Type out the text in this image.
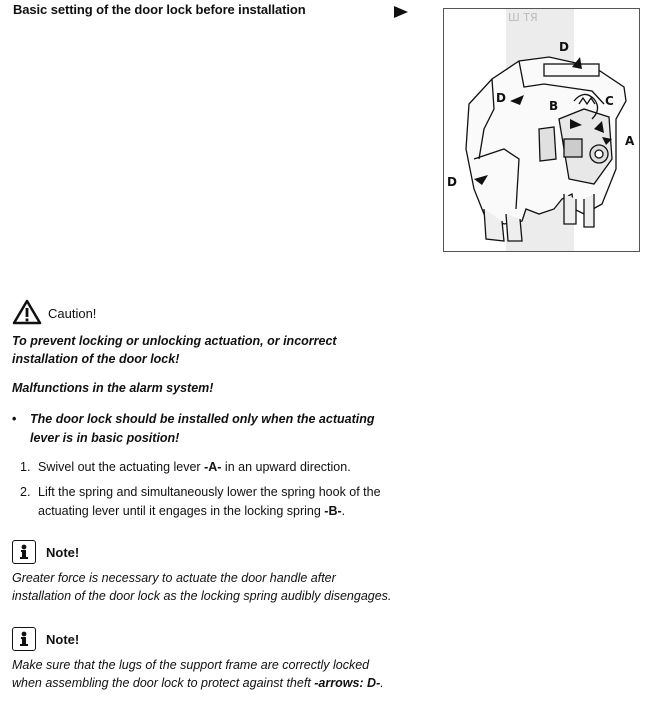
Basic setting of the door lock before installation
Ш ТЯ
D
D
D
B	C
A
Caution!
To prevent locking or unlocking actuation, or incorrect installation of the door lock!
Malfunctions in the alarm system!
•	The door lock should be installed only when the actuating lever is in basic position!
1. Swivel out the actuating lever -A- in an upward direction.
2. Lift the spring and simultaneously lower the spring hook of the actuating lever until it engages in the locking spring -B-.
Note!
Greater force is necessary to actuate the door handle after installation of the door lock as the locking spring audibly disengages.
Note!
Make sure that the lugs of the support frame are correctly locked when assembling the door lock to protect against theft -arrows: D-.
